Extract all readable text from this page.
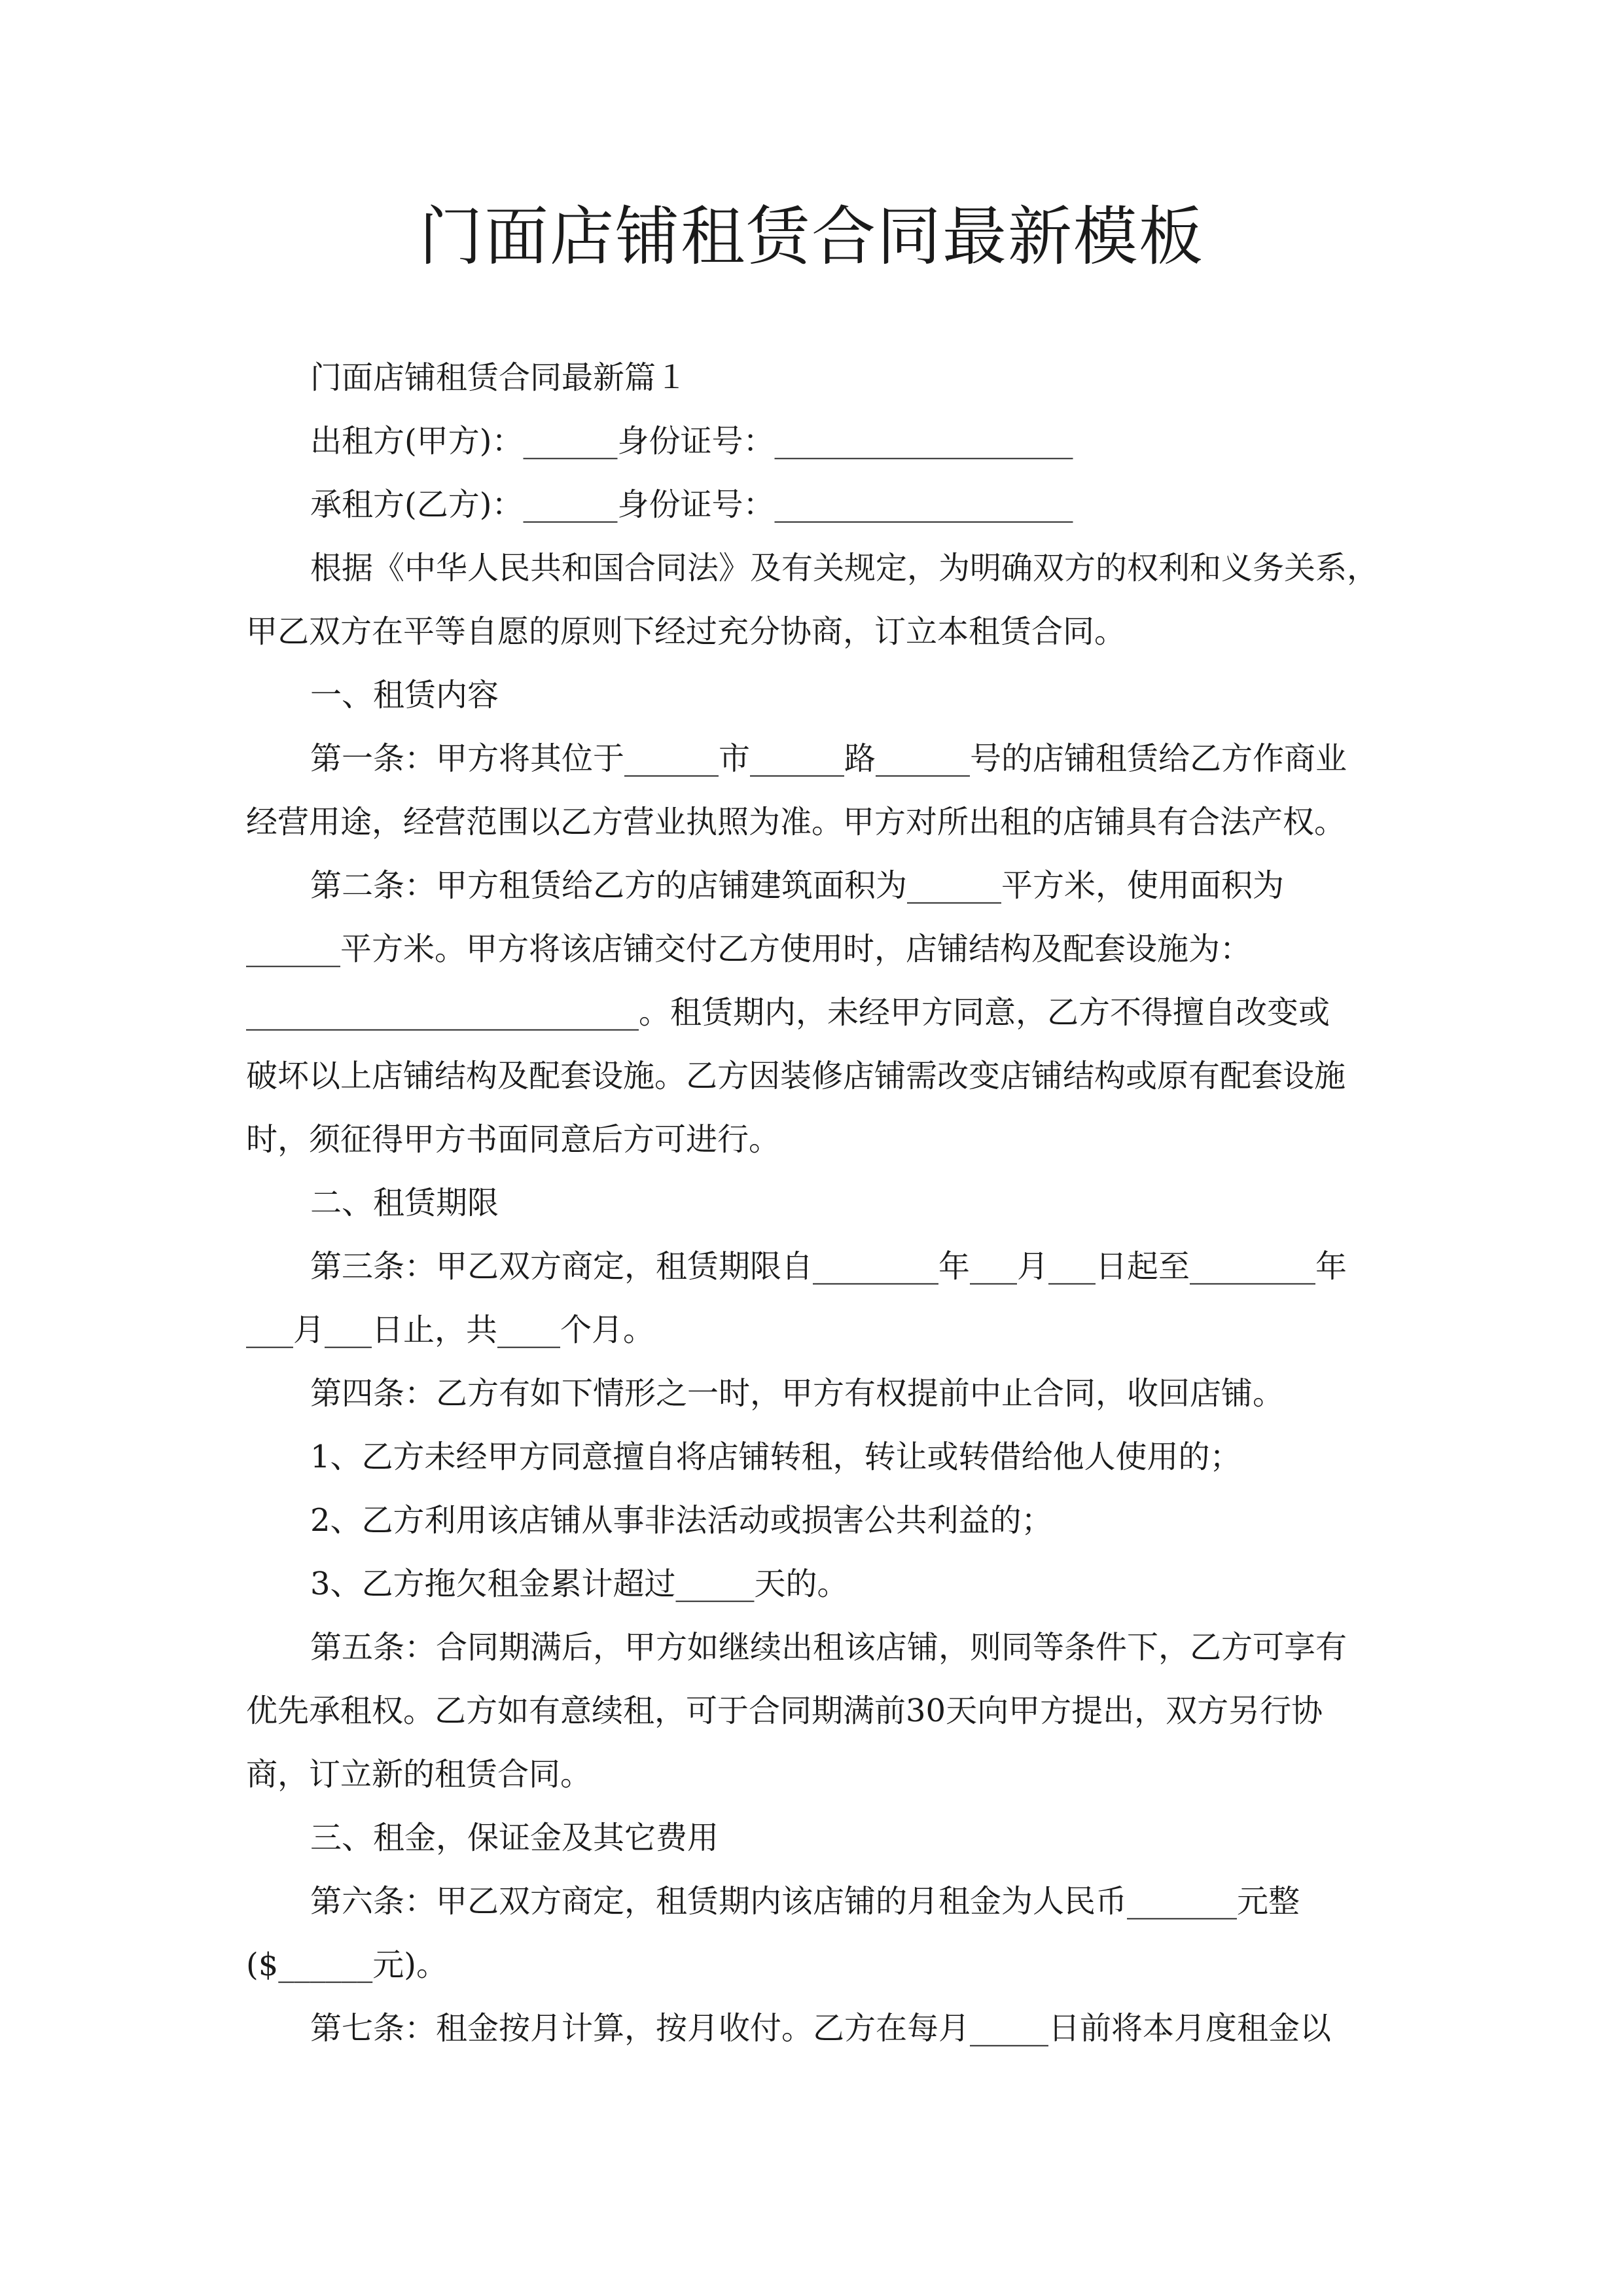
门面店铺租赁合同最新模板
门面店铺租赁合同最新篇１
出租方(甲方)：______身份证号：___________________
承租方(乙方)：______身份证号：___________________
根据《中华人民共和国合同法》及有关规定，为明确双方的权利和义务关系，
甲乙双方在平等自愿的原则下经过充分协商，订立本租赁合同。
一、租赁内容
第一条：甲方将其位于______市______路______号的店铺租赁给乙方作商业
经营用途，经营范围以乙方营业执照为准。甲方对所出租的店铺具有合法产权。
第二条：甲方租赁给乙方的店铺建筑面积为______平方米，使用面积为
______平方米。甲方将该店铺交付乙方使用时，店铺结构及配套设施为：
_________________________。租赁期内，未经甲方同意，乙方不得擅自改变或
破坏以上店铺结构及配套设施。乙方因装修店铺需改变店铺结构或原有配套设施
时，须征得甲方书面同意后方可进行。
二、租赁期限
第三条：甲乙双方商定，租赁期限自________年___月___日起至________年
___月___日止，共____个月。
第四条：乙方有如下情形之一时，甲方有权提前中止合同，收回店铺。
1、乙方未经甲方同意擅自将店铺转租，转让或转借给他人使用的；
2、乙方利用该店铺从事非法活动或损害公共利益的；
3、乙方拖欠租金累计超过_____天的。
第五条：合同期满后，甲方如继续出租该店铺，则同等条件下，乙方可享有
优先承租权。乙方如有意续租，可于合同期满前30天向甲方提出，双方另行协
商，订立新的租赁合同。
三、租金，保证金及其它费用
第六条：甲乙双方商定，租赁期内该店铺的月租金为人民币_______元整
($______元)。
第七条：租金按月计算，按月收付。乙方在每月_____日前将本月度租金以
